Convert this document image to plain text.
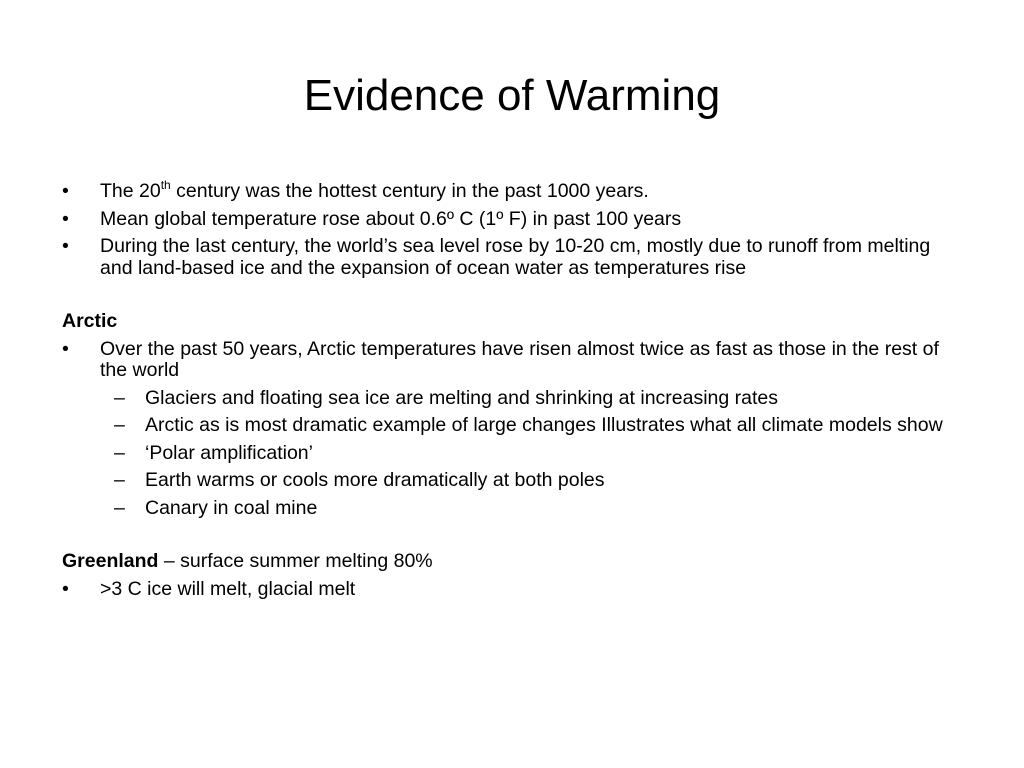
Evidence of Warming
• The 20th century was the hottest century in the past 1000 years.
• Mean global temperature rose about 0.6º C (1º F) in past 100 years
• During the last century, the world’s sea level rose by 10-20 cm, mostly due to runoff from melting and land-based ice and the expansion of ocean water as temperatures rise
Arctic
• Over the past 50 years, Arctic temperatures have risen almost twice as fast as those in the rest of the world
– Glaciers and floating sea ice are melting and shrinking at increasing rates
– Arctic as is most dramatic example of large changes Illustrates what all climate models show
– ‘Polar amplification’
– Earth warms or cools more dramatically at both poles
– Canary in coal mine
Greenland – surface summer melting 80%
• >3 C ice will melt, glacial melt
